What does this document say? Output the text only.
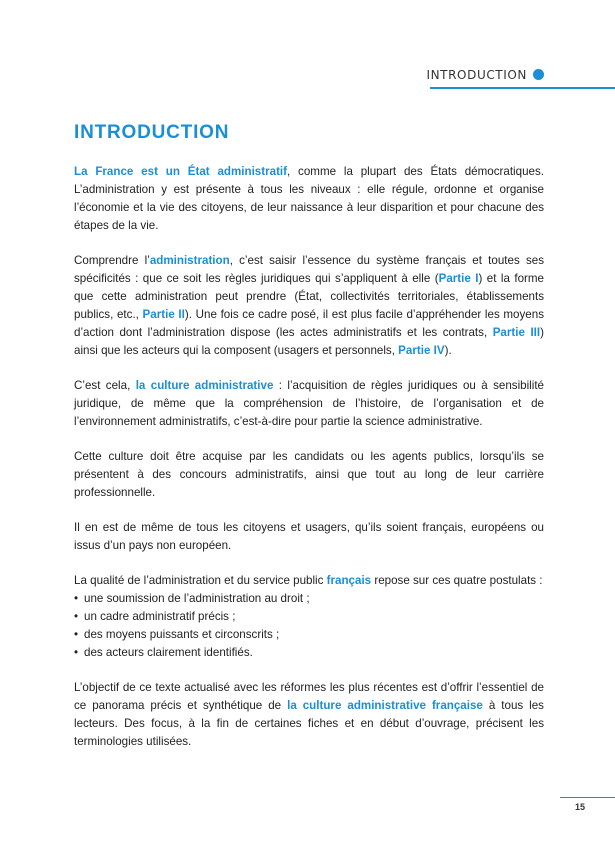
INTRODUCTION
INTRODUCTION

La France est un État administratif, comme la plupart des États démocratiques. L’administration y est présente à tous les niveaux : elle régule, ordonne et organise l’économie et la vie des citoyens, de leur naissance à leur disparition et pour chacune des étapes de la vie.

Comprendre l’administration, c’est saisir l’essence du système français et toutes ses spécificités : que ce soit les règles juridiques qui s’appliquent à elle (Partie I) et la forme que cette administration peut prendre (État, collectivités territoriales, établissements publics, etc., Partie II). Une fois ce cadre posé, il est plus facile d’appréhender les moyens d’action dont l’administration dispose (les actes administratifs et les contrats, Partie III) ainsi que les acteurs qui la composent (usagers et personnels, Partie IV).

C’est cela, la culture administrative : l’acquisition de règles juridiques ou à sensibilité juridique, de même que la compréhension de l’histoire, de l’organisation et de l’environnement administratifs, c’est-à-dire pour partie la science administrative.

Cette culture doit être acquise par les candidats ou les agents publics, lorsqu’ils se présentent à des concours administratifs, ainsi que tout au long de leur carrière professionnelle.

Il en est de même de tous les citoyens et usagers, qu’ils soient français, européens ou issus d’un pays non européen.

La qualité de l’administration et du service public français repose sur ces quatre postulats :

• une soumission de l’administration au droit ;
• un cadre administratif précis ;
• des moyens puissants et circonscrits ;
• des acteurs clairement identifiés.

L’objectif de ce texte actualisé avec les réformes les plus récentes est d’offrir l’essentiel de ce panorama précis et synthétique de la culture administrative française à tous les lecteurs. Des focus, à la fin de certaines fiches et en début d’ouvrage, précisent les terminologies utilisées.

15
